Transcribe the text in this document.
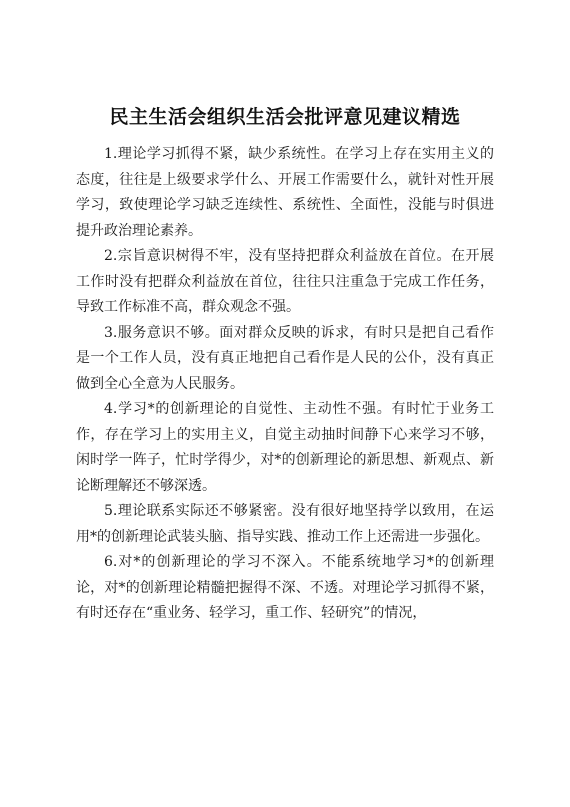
民主生活会组织生活会批评意见建议精选

1.理论学习抓得不紧，缺少系统性。在学习上存在实用主义的态度，往往是上级要求学什么、开展工作需要什么，就针对性开展学习，致使理论学习缺乏连续性、系统性、全面性，没能与时俱进提升政治理论素养。

2.宗旨意识树得不牢，没有坚持把群众利益放在首位。在开展工作时没有把群众利益放在首位，往往只注重急于完成工作任务，导致工作标准不高，群众观念不强。

3.服务意识不够。面对群众反映的诉求，有时只是把自己看作是一个工作人员，没有真正地把自己看作是人民的公仆，没有真正做到全心全意为人民服务。

4.学习*的创新理论的自觉性、主动性不强。有时忙于业务工作，存在学习上的实用主义，自觉主动抽时间静下心来学习不够，闲时学一阵子，忙时学得少，对*的创新理论的新思想、新观点、新论断理解还不够深透。

5.理论联系实际还不够紧密。没有很好地坚持学以致用，在运用*的创新理论武装头脑、指导实践、推动工作上还需进一步强化。

6.对*的创新理论的学习不深入。不能系统地学习*的创新理论，对*的创新理论精髓把握得不深、不透。对理论学习抓得不紧，有时还存在“重业务、轻学习，重工作、轻研究”的情况，
